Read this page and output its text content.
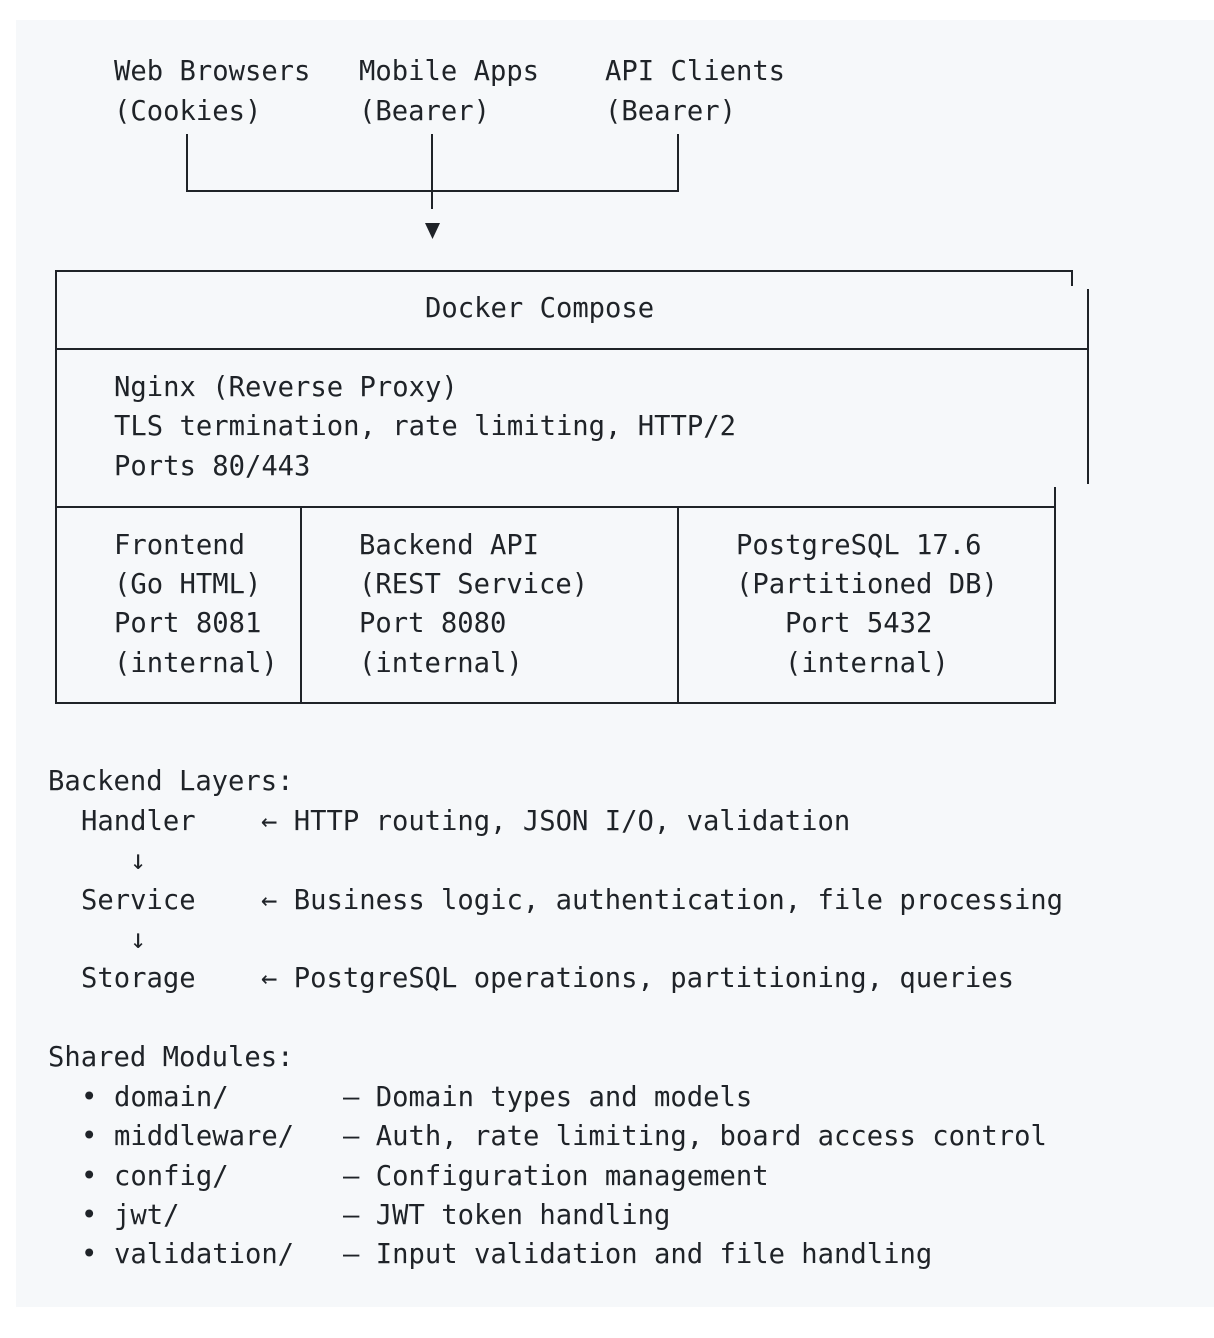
Web Browsers
(Cookies)
Mobile Apps
(Bearer)
API Clients
(Bearer)
Docker Compose
Nginx (Reverse Proxy)
TLS termination, rate limiting, HTTP/2
Ports 80/443
Frontend
(Go HTML)
Port 8081
(internal)
Backend API
(REST Service)
Port 8080
(internal)
PostgreSQL 17.6
(Partitioned DB)
Port 5432
(internal)
Backend Layers:
Handler ← HTTP routing, JSON I/O, validation
↓
Service ← Business logic, authentication, file processing
↓
Storage ← PostgreSQL operations, partitioning, queries
Shared Modules:
• domain/	– Domain types and models
• middleware/ – Auth, rate limiting, board access control
• config/	– Configuration management
• jwt/	– JWT token handling
• validation/ – Input validation and file handling
